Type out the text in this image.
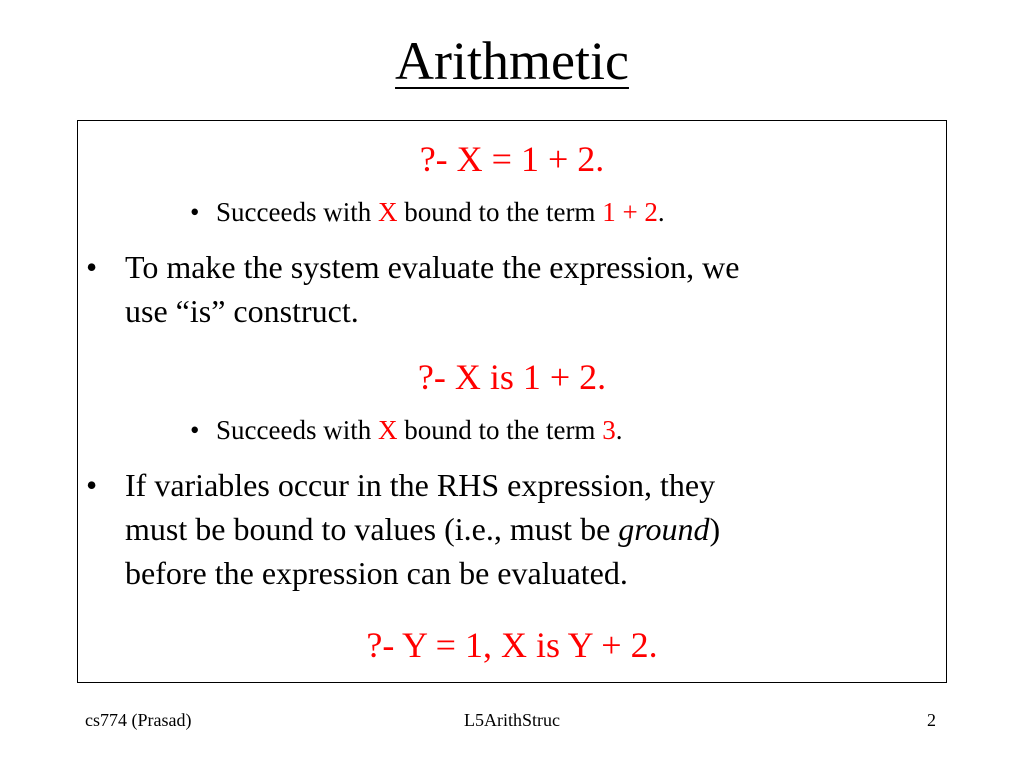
Arithmetic
?- X = 1 + 2.
• Succeeds with X bound to the term 1 + 2.
• To make the system evaluate the expression, we
use “is” construct.
?- X is 1 + 2.
• Succeeds with X bound to the term 3.
• If variables occur in the RHS expression, they
must be bound to values (i.e., must be ground)
before the expression can be evaluated.
?- Y = 1, X is Y + 2.
cs774 (Prasad)	L5ArithStruc	2
